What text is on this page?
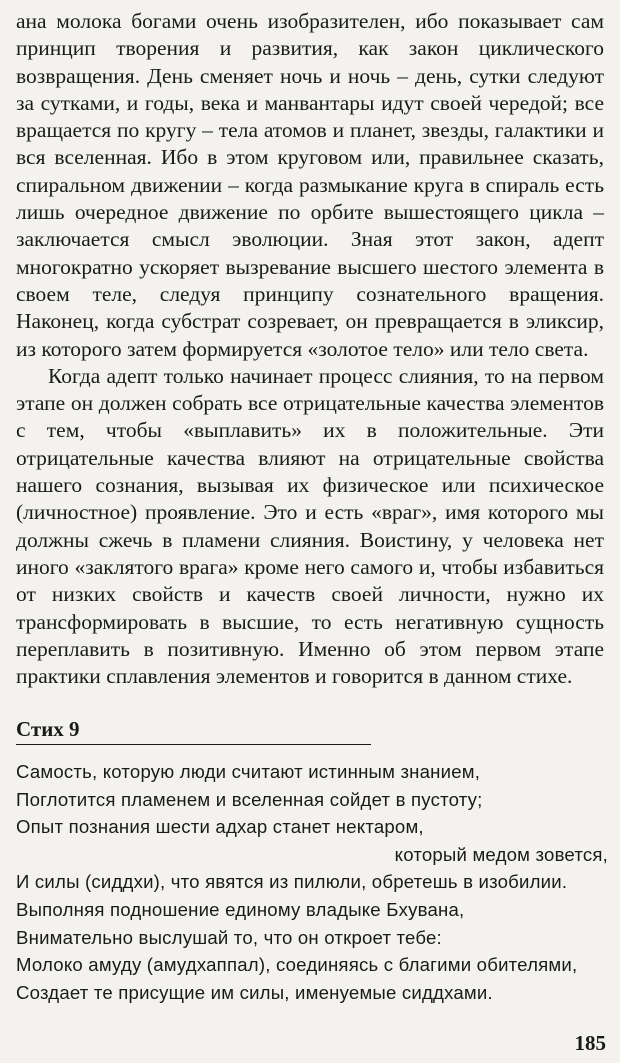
ана молока богами очень изобразителен, ибо показывает сам принцип творения и развития, как закон циклического возвращения. День сменяет ночь и ночь – день, сутки следуют за сутками, и годы, века и манвантары идут своей чередой; все вращается по кругу – тела атомов и планет, звезды, галактики и вся вселенная. Ибо в этом круговом или, правильнее сказать, спиральном движении – когда размыкание круга в спираль есть лишь очередное движение по орбите вышестоящего цикла – заключается смысл эволюции. Зная этот закон, адепт многократно ускоряет вызревание высшего шестого элемента в своем теле, следуя принципу сознательного вращения. Наконец, когда субстрат созревает, он превращается в эликсир, из которого затем формируется «золотое тело» или тело света.

Когда адепт только начинает процесс слияния, то на первом этапе он должен собрать все отрицательные качества элементов с тем, чтобы «выплавить» их в положительные. Эти отрицательные качества влияют на отрицательные свойства нашего сознания, вызывая их физическое или психическое (личностное) проявление. Это и есть «враг», имя которого мы должны сжечь в пламени слияния. Воистину, у человека нет иного «заклятого врага» кроме него самого и, чтобы избавиться от низких свойств и качеств своей личности, нужно их трансформировать в высшие, то есть негативную сущность переплавить в позитивную. Именно об этом первом этапе практики сплавления элементов и говорится в данном стихе.

Стих 9
Самость, которую люди считают истинным знанием,
Поглотится пламенем и вселенная сойдет в пустоту;
Опыт познания шести адхар станет нектаром,
который медом зовется,
И силы (сиддхи), что явятся из пилюли, обретешь в изобилии.
Выполняя подношение единому владыке Бхувана,
Внимательно выслушай то, что он откроет тебе:
Молоко амуду (амудхаппал), соединяясь с благими обителями,
Создает те присущие им силы, именуемые сиддхами.
185
